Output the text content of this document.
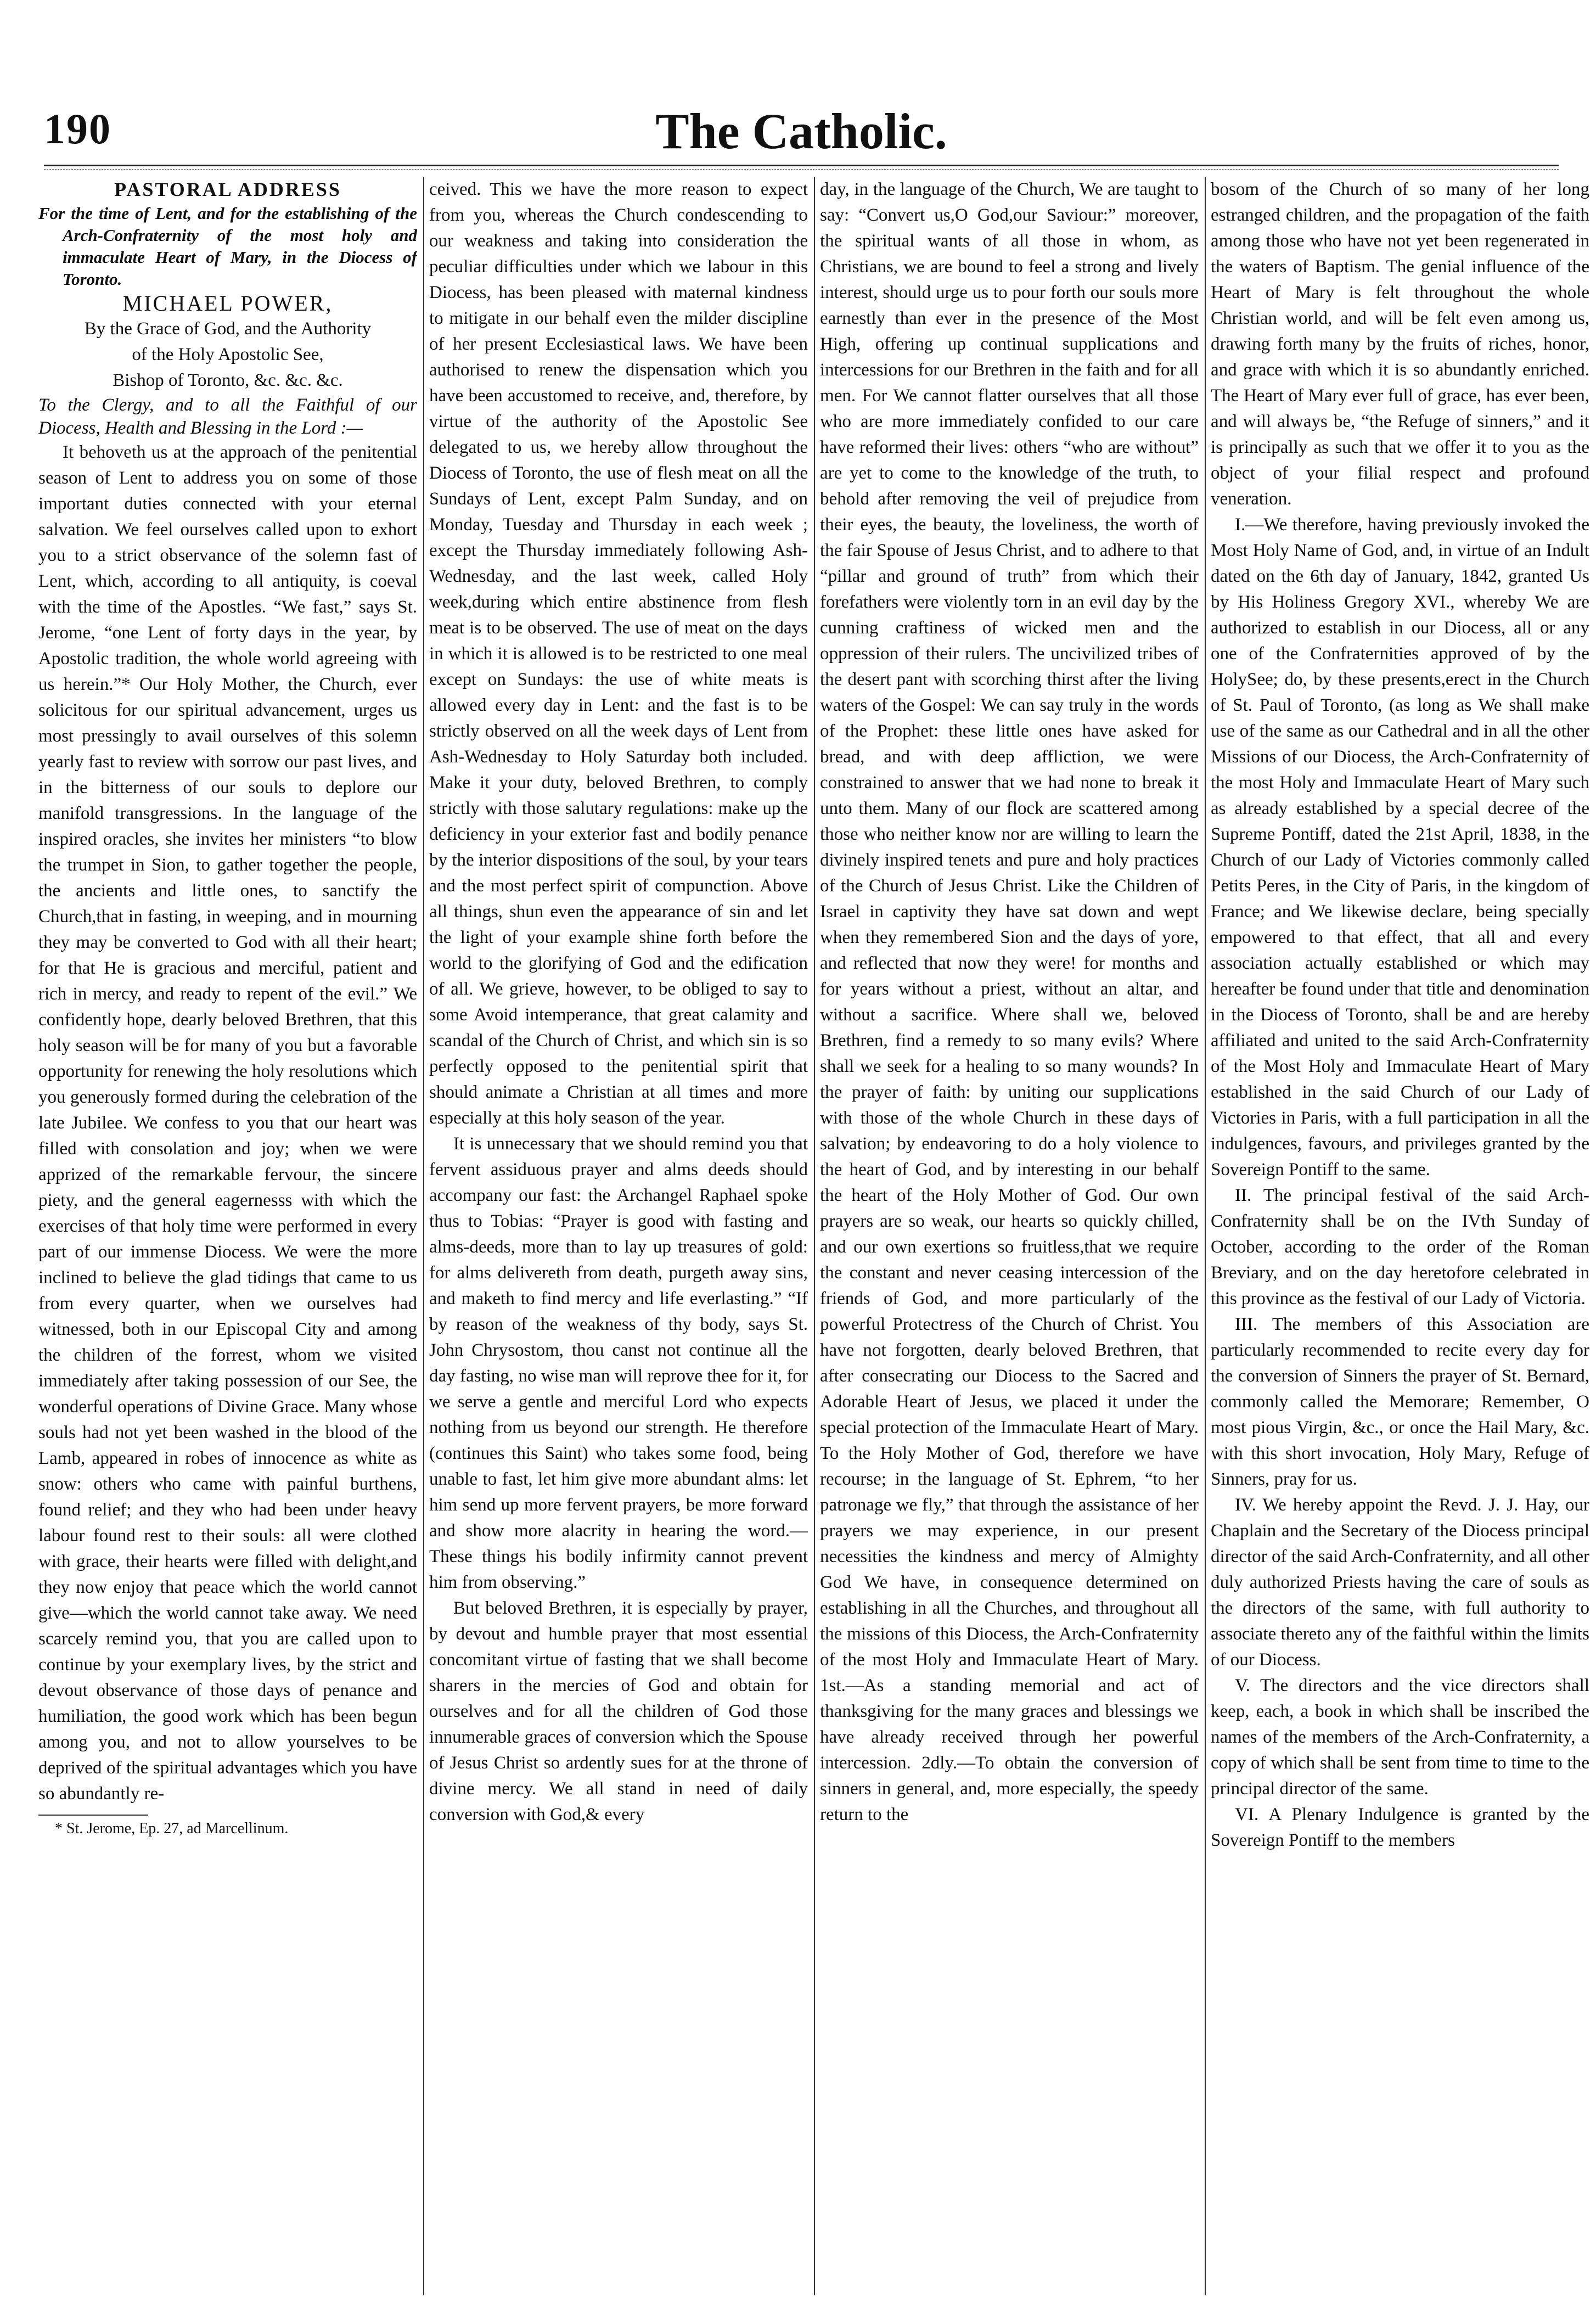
190	The Catholic.

PASTORAL ADDRESS

For the time of Lent, and for the establishing of the Arch-Confraternity of the most holy and immaculate Heart of Mary, in the Diocess of Toronto.

MICHAEL POWER,

By the Grace of God, and the Authority

of the Holy Apostolic See,

Bishop of Toronto, &c. &c. &c.

To the Clergy, and to all the Faithful of our Diocess, Health and Blessing in the Lord :—

It behoveth us at the approach of the penitential season of Lent to address you on some of those important duties connected with your eternal salvation. We feel ourselves called upon to exhort you to a strict observance of the solemn fast of Lent, which, according to all antiquity, is coeval with the time of the Apostles. “We fast,” says St. Jerome, “one Lent of forty days in the year, by Apostolic tradition, the whole world agreeing with us herein.”* Our Holy Mother, the Church, ever solicitous for our spiritual advancement, urges us most pressingly to avail ourselves of this solemn yearly fast to review with sorrow our past lives, and in the bitterness of our souls to deplore our manifold transgressions. In the language of the inspired oracles, she invites her ministers “to blow the trumpet in Sion, to gather together the people, the ancients and little ones, to sanctify the Church,that in fasting, in weeping, and in mourning they may be converted to God with all their heart; for that He is gracious and merciful, patient and rich in mercy, and ready to repent of the evil.” We confidently hope, dearly beloved Brethren, that this holy season will be for many of you but a favorable opportunity for renewing the holy resolutions which you generously formed during the celebration of the late Jubilee. We confess to you that our heart was filled with consolation and joy; when we were apprized of the remarkable fervour, the sincere piety, and the general eagernesss with which the exercises of that holy time were performed in every part of our immense Diocess. We were the more inclined to believe the glad tidings that came to us from every quarter, when we ourselves had witnessed, both in our Episcopal City and among the children of the forrest, whom we visited immediately after taking possession of our See, the wonderful operations of Divine Grace. Many whose souls had not yet been washed in the blood of the Lamb, appeared in robes of innocence as white as snow: others who came with painful burthens, found relief; and they who had been under heavy labour found rest to their souls: all were clothed with grace, their hearts were filled with delight,and they now enjoy that peace which the world cannot give—which the world cannot take away. We need scarcely remind you, that you are called upon to continue by your exemplary lives, by the strict and devout observance of those days of penance and humiliation, the good work which has been begun among you, and not to allow yourselves to be deprived of the spiritual advantages which you have so abundantly re-

* St. Jerome, Ep. 27, ad Marcellinum.

ceived. This we have the more reason to expect from you, whereas the Church condescending to our weakness and taking into consideration the peculiar difficulties under which we labour in this Diocess, has been pleased with maternal kindness to mitigate in our behalf even the milder discipline of her present Ecclesiastical laws. We have been authorised to renew the dispensation which you have been accustomed to receive, and, therefore, by virtue of the authority of the Apostolic See delegated to us, we hereby allow throughout the Diocess of Toronto, the use of flesh meat on all the Sundays of Lent, except Palm Sunday, and on Monday, Tuesday and Thursday in each week ; except the Thursday immediately following Ash-Wednesday, and the last week, called Holy week,during which entire abstinence from flesh meat is to be observed. The use of meat on the days in which it is allowed is to be restricted to one meal except on Sundays: the use of white meats is allowed every day in Lent: and the fast is to be strictly observed on all the week days of Lent from Ash-Wednesday to Holy Saturday both included. Make it your duty, beloved Brethren, to comply strictly with those salutary regulations: make up the deficiency in your exterior fast and bodily penance by the interior dispositions of the soul, by your tears and the most perfect spirit of compunction. Above all things, shun even the appearance of sin and let the light of your example shine forth before the world to the glorifying of God and the edification of all. We grieve, however, to be obliged to say to some Avoid intemperance, that great calamity and scandal of the Church of Christ, and which sin is so perfectly opposed to the penitential spirit that should animate a Christian at all times and more especially at this holy season of the year.

It is unnecessary that we should remind you that fervent assiduous prayer and alms deeds should accompany our fast: the Archangel Raphael spoke thus to Tobias: “Prayer is good with fasting and alms-deeds, more than to lay up treasures of gold: for alms delivereth from death, purgeth away sins, and maketh to find mercy and life everlasting.” “If by reason of the weakness of thy body, says St. John Chrysostom, thou canst not continue all the day fasting, no wise man will reprove thee for it, for we serve a gentle and merciful Lord who expects nothing from us beyond our strength. He therefore (continues this Saint) who takes some food, being unable to fast, let him give more abundant alms: let him send up more fervent prayers, be more forward and show more alacrity in hearing the word.— These things his bodily infirmity cannot prevent him from observing.”

But beloved Brethren, it is especially by prayer, by devout and humble prayer that most essential concomitant virtue of fasting that we shall become sharers in the mercies of God and obtain for ourselves and for all the children of God those innumerable graces of conversion which the Spouse of Jesus Christ so ardently sues for at the throne of divine mercy. We all stand in need of daily conversion with God,& every

day, in the language of the Church, We are taught to say: “Convert us,O God,our Saviour:” moreover, the spiritual wants of all those in whom, as Christians, we are bound to feel a strong and lively interest, should urge us to pour forth our souls more earnestly than ever in the presence of the Most High, offering up continual supplications and intercessions for our Brethren in the faith and for all men. For We cannot flatter ourselves that all those who are more immediately confided to our care have reformed their lives: others “who are without” are yet to come to the knowledge of the truth, to behold after removing the veil of prejudice from their eyes, the beauty, the loveliness, the worth of the fair Spouse of Jesus Christ, and to adhere to that “pillar and ground of truth” from which their forefathers were violently torn in an evil day by the cunning craftiness of wicked men and the oppression of their rulers. The uncivilized tribes of the desert pant with scorching thirst after the living waters of the Gospel: We can say truly in the words of the Prophet: these little ones have asked for bread, and with deep affliction, we were constrained to answer that we had none to break it unto them. Many of our flock are scattered among those who neither know nor are willing to learn the divinely inspired tenets and pure and holy practices of the Church of Jesus Christ. Like the Children of Israel in captivity they have sat down and wept when they remembered Sion and the days of yore, and reflected that now they were! for months and for years without a priest, without an altar, and without a sacrifice. Where shall we, beloved Brethren, find a remedy to so many evils? Where shall we seek for a healing to so many wounds? In the prayer of faith: by uniting our supplications with those of the whole Church in these days of salvation; by endeavoring to do a holy violence to the heart of God, and by interesting in our behalf the heart of the Holy Mother of God. Our own prayers are so weak, our hearts so quickly chilled, and our own exertions so fruitless,that we require the constant and never ceasing intercession of the friends of God, and more particularly of the powerful Protectress of the Church of Christ. You have not forgotten, dearly beloved Brethren, that after consecrating our Diocess to the Sacred and Adorable Heart of Jesus, we placed it under the special protection of the Immaculate Heart of Mary. To the Holy Mother of God, therefore we have recourse; in the language of St. Ephrem, “to her patronage we fly,” that through the assistance of her prayers we may experience, in our present necessities the kindness and mercy of Almighty God We have, in consequence determined on establishing in all the Churches, and throughout all the missions of this Diocess, the Arch-Confraternity of the most Holy and Immaculate Heart of Mary. 1st.—As a standing memorial and act of thanksgiving for the many graces and blessings we have already received through her powerful intercession. 2dly.—To obtain the conversion of sinners in general, and, more especially, the speedy return to the

bosom of the Church of so many of her long estranged children, and the propagation of the faith among those who have not yet been regenerated in the waters of Baptism. The genial influence of the Heart of Mary is felt throughout the whole Christian world, and will be felt even among us, drawing forth many by the fruits of riches, honor, and grace with which it is so abundantly enriched. The Heart of Mary ever full of grace, has ever been, and will always be, “the Refuge of sinners,” and it is principally as such that we offer it to you as the object of your filial respect and profound veneration.

I.—We therefore, having previously invoked the Most Holy Name of God, and, in virtue of an Indult dated on the 6th day of January, 1842, granted Us by His Holiness Gregory XVI., whereby We are authorized to establish in our Diocess, all or any one of the Confraternities approved of by the HolySee; do, by these presents,erect in the Church of St. Paul of Toronto, (as long as We shall make use of the same as our Cathedral and in all the other Missions of our Diocess, the Arch-Confraternity of the most Holy and Immaculate Heart of Mary such as already established by a special decree of the Supreme Pontiff, dated the 21st April, 1838, in the Church of our Lady of Victories commonly called Petits Peres, in the City of Paris, in the kingdom of France; and We likewise declare, being specially empowered to that effect, that all and every association actually established or which may hereafter be found under that title and denomination in the Diocess of Toronto, shall be and are hereby affiliated and united to the said Arch-Confraternity of the Most Holy and Immaculate Heart of Mary established in the said Church of our Lady of Victories in Paris, with a full participation in all the indulgences, favours, and privileges granted by the Sovereign Pontiff to the same.

II. The principal festival of the said Arch-Confraternity shall be on the IVth Sunday of October, according to the order of the Roman Breviary, and on the day heretofore celebrated in this province as the festival of our Lady of Victoria.

III. The members of this Association are particularly recommended to recite every day for the conversion of Sinners the prayer of St. Bernard, commonly called the Memorare; Remember, O most pious Virgin, &c., or once the Hail Mary, &c. with this short invocation, Holy Mary, Refuge of Sinners, pray for us.

IV. We hereby appoint the Revd. J. J. Hay, our Chaplain and the Secretary of the Diocess principal director of the said Arch-Confraternity, and all other duly authorized Priests having the care of souls as the directors of the same, with full authority to associate thereto any of the faithful within the limits of our Diocess.

V. The directors and the vice directors shall keep, each, a book in which shall be inscribed the names of the members of the Arch-Confraternity, a copy of which shall be sent from time to time to the principal director of the same.

VI. A Plenary Indulgence is granted by the Sovereign Pontiff to the members
